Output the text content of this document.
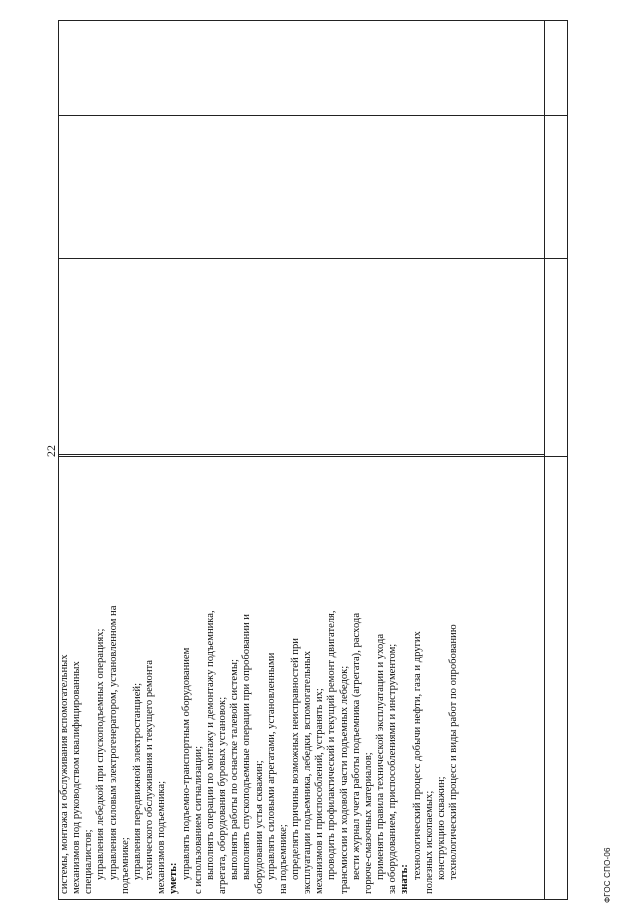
22
системы, монтажа и обслуживания вспомогательных механизмов под руководством квалифицированных специалистов; управления лебедкой при спускоподъемных операциях; управления силовым электрогенератором, установленном на подъемнике; управления передвижной электростанцией; технического обслуживания и текущего ремонта механизмов подъемника; уметь: управлять подъемно-транспортным оборудованием с использованием сигнализации; выполнять операции по монтажу и демонтажу подъемника, агрегата, оборудования буровых установок; выполнять работы по оснастке талевой системы; выполнять спускоподъемные операции при опробовании и оборудовании устья скважин; управлять силовыми агрегатами, установленными на подъемнике; определять причины возможных неисправностей при эксплуатации подъемника, лебедки, вспомогательных механизмов и приспособлений, устранять их; проводить профилактический и текущий ремонт двигателя, трансмиссии и ходовой части подъемных лебедок; вести журнал учета работы подъемника (агрегата), расхода горюче-смазочных материалов; применять правила технической эксплуатации и ухода за оборудованием, приспособлениями и инструментом; знать: технологический процесс добычи нефти, газа и других полезных ископаемых; конструкцию скважин; технологический процесс и виды работ по опробованию	ФГОС СПО-06
